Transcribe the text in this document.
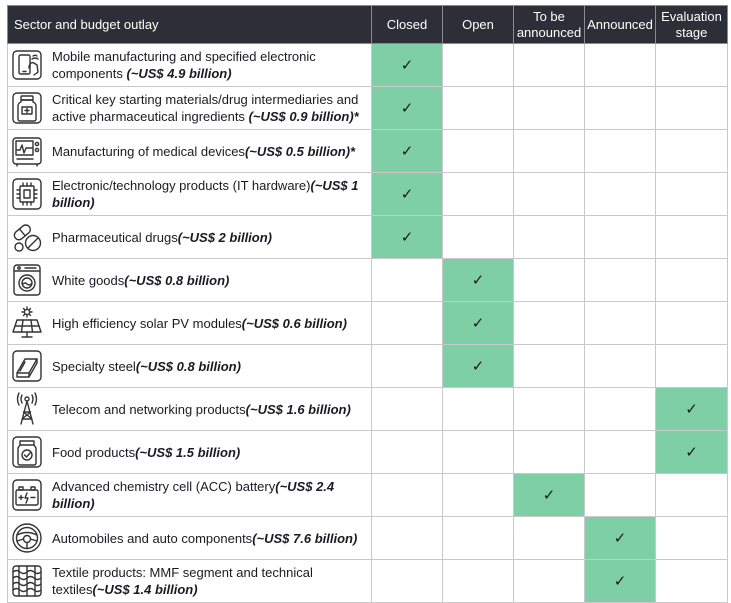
Sector and budget outlay	Closed	Open	To be announced	Announced	Evaluation stage

Mobile manufacturing and specified electronic components (~US$ 4.9 billion)	✓				

Critical key starting materials/drug intermediaries and active pharmaceutical ingredients (~US$ 0.9 billion)*	✓				

Manufacturing of medical devices(~US$ 0.5 billion)*	✓				

Electronic/technology products (IT hardware)(~US$ 1 billion)	✓				

Pharmaceutical drugs(~US$ 2 billion)	✓				

White goods(~US$ 0.8 billion)		✓			

High efficiency solar PV modules(~US$ 0.6 billion)		✓			

Specialty steel(~US$ 0.8 billion)		✓			

Telecom and networking products(~US$ 1.6 billion)					✓

Food products(~US$ 1.5 billion)					✓

Advanced chemistry cell (ACC) battery(~US$ 2.4 billion)			✓		

Automobiles and auto components(~US$ 7.6 billion)				✓	

Textile products: MMF segment and technical textiles(~US$ 1.4 billion)				✓	
